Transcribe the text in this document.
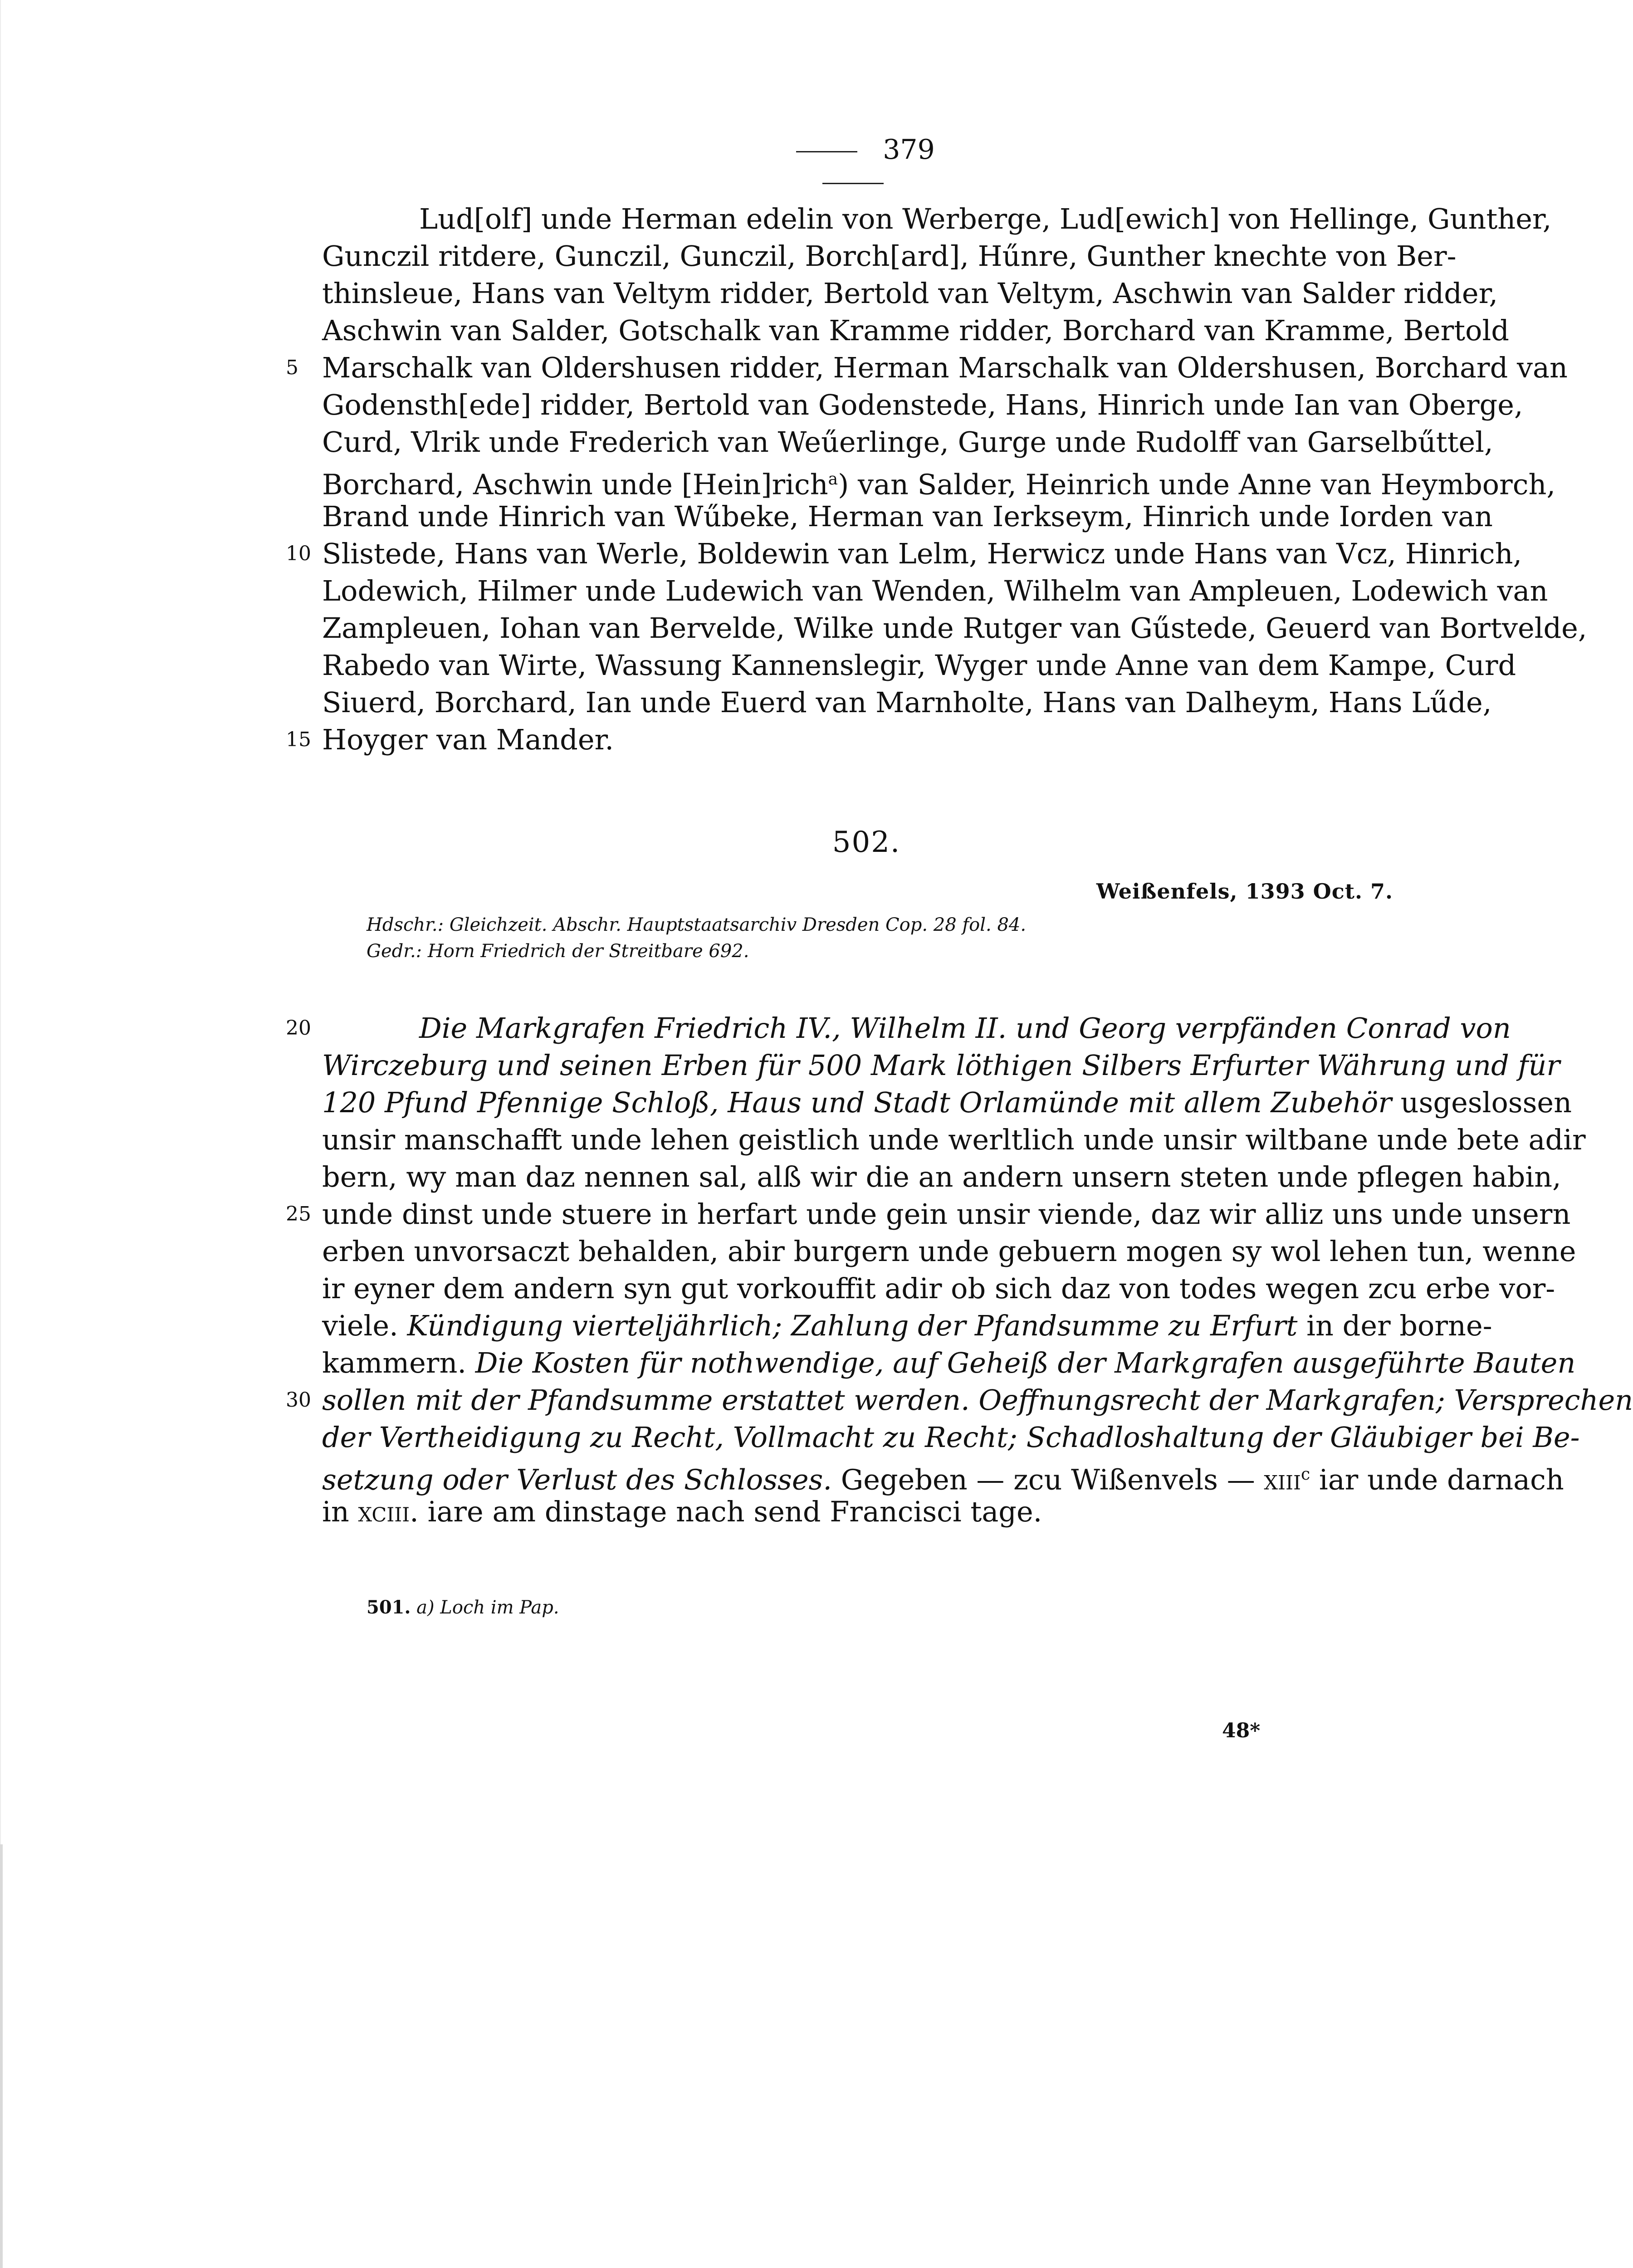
379
Lud[olf] unde Herman edelin von Werberge, Lud[ewich] von Hellinge, Gunther,
Gunczil ritdere, Gunczil, Gunczil, Borch[ard], Hűnre, Gunther knechte von Ber-
thinsleue, Hans van Veltym ridder, Bertold van Veltym, Aschwin van Salder ridder,
Aschwin van Salder, Gotschalk van Kramme ridder, Borchard van Kramme, Bertold
5 Marschalk van Oldershusen ridder, Herman Marschalk van Oldershusen, Borchard van
Godensth[ede] ridder, Bertold van Godenstede, Hans, Hinrich unde Ian van Oberge,
Curd, Vlrik unde Frederich van Weűerlinge, Gurge unde Rudolff van Garselbűttel,
Borchard, Aschwin unde [Hein]rich$^a$) van Salder, Heinrich unde Anne van Heymborch,
Brand unde Hinrich van Wűbeke, Herman van Ierkseym, Hinrich unde Iorden van
10 Slistede, Hans van Werle, Boldewin van Lelm, Herwicz unde Hans van Vcz, Hinrich,
Lodewich, Hilmer unde Ludewich van Wenden, Wilhelm van Ampleuen, Lodewich van
Zampleuen, Iohan van Bervelde, Wilke unde Rutger van Gűstede, Geuerd van Bortvelde,
Rabedo van Wirte, Wassung Kannenslegir, Wyger unde Anne van dem Kampe, Curd
Siuerd, Borchard, Ian unde Euerd van Marnholte, Hans van Dalheym, Hans Lűde,
15 Hoyger van Mander.
502.
Weißenfels, 1393 Oct. 7.
Hdschr.: Gleichzeit. Abschr. Hauptstaatsarchiv Dresden Cop. 28 fol. 84.
Gedr.: Horn Friedrich der Streitbare 692.
20	Die Markgrafen Friedrich IV., Wilhelm II. und Georg verpfänden Conrad von
Wirczeburg und seinen Erben für 500 Mark löthigen Silbers Erfurter Währung und für
120 Pfund Pfennige Schloß, Haus und Stadt Orlamünde mit allem Zubehör usgeslossen
unsir manschafft unde lehen geistlich unde werltlich unde unsir wiltbane unde bete adir
bern, wy man daz nennen sal, alß wir die an andern unsern steten unde pflegen habin,
25 unde dinst unde stuere in herfart unde gein unsir viende, daz wir alliz uns unde unsern
erben unvorsaczt behalden, abir burgern unde gebuern mogen sy wol lehen tun, wenne
ir eyner dem andern syn gut vorkouffit adir ob sich daz von todes wegen zcu erbe vor-
viele. Kündigung vierteljährlich; Zahlung der Pfandsumme zu Erfurt in der borne-
kammern. Die Kosten für nothwendige, auf Geheiß der Markgrafen ausgeführte Bauten
30 sollen mit der Pfandsumme erstattet werden. Oeffnungsrecht der Markgrafen; Versprechen
der Vertheidigung zu Recht, Vollmacht zu Recht; Schadloshaltung der Gläubiger bei Be-
setzung oder Verlust des Schlosses. Gegeben — zcu Wißenvels — xiii$^c$ iar unde darnach
in xciii. iare am dinstage nach send Francisci tage.
501. a) Loch im Pap.
48*
